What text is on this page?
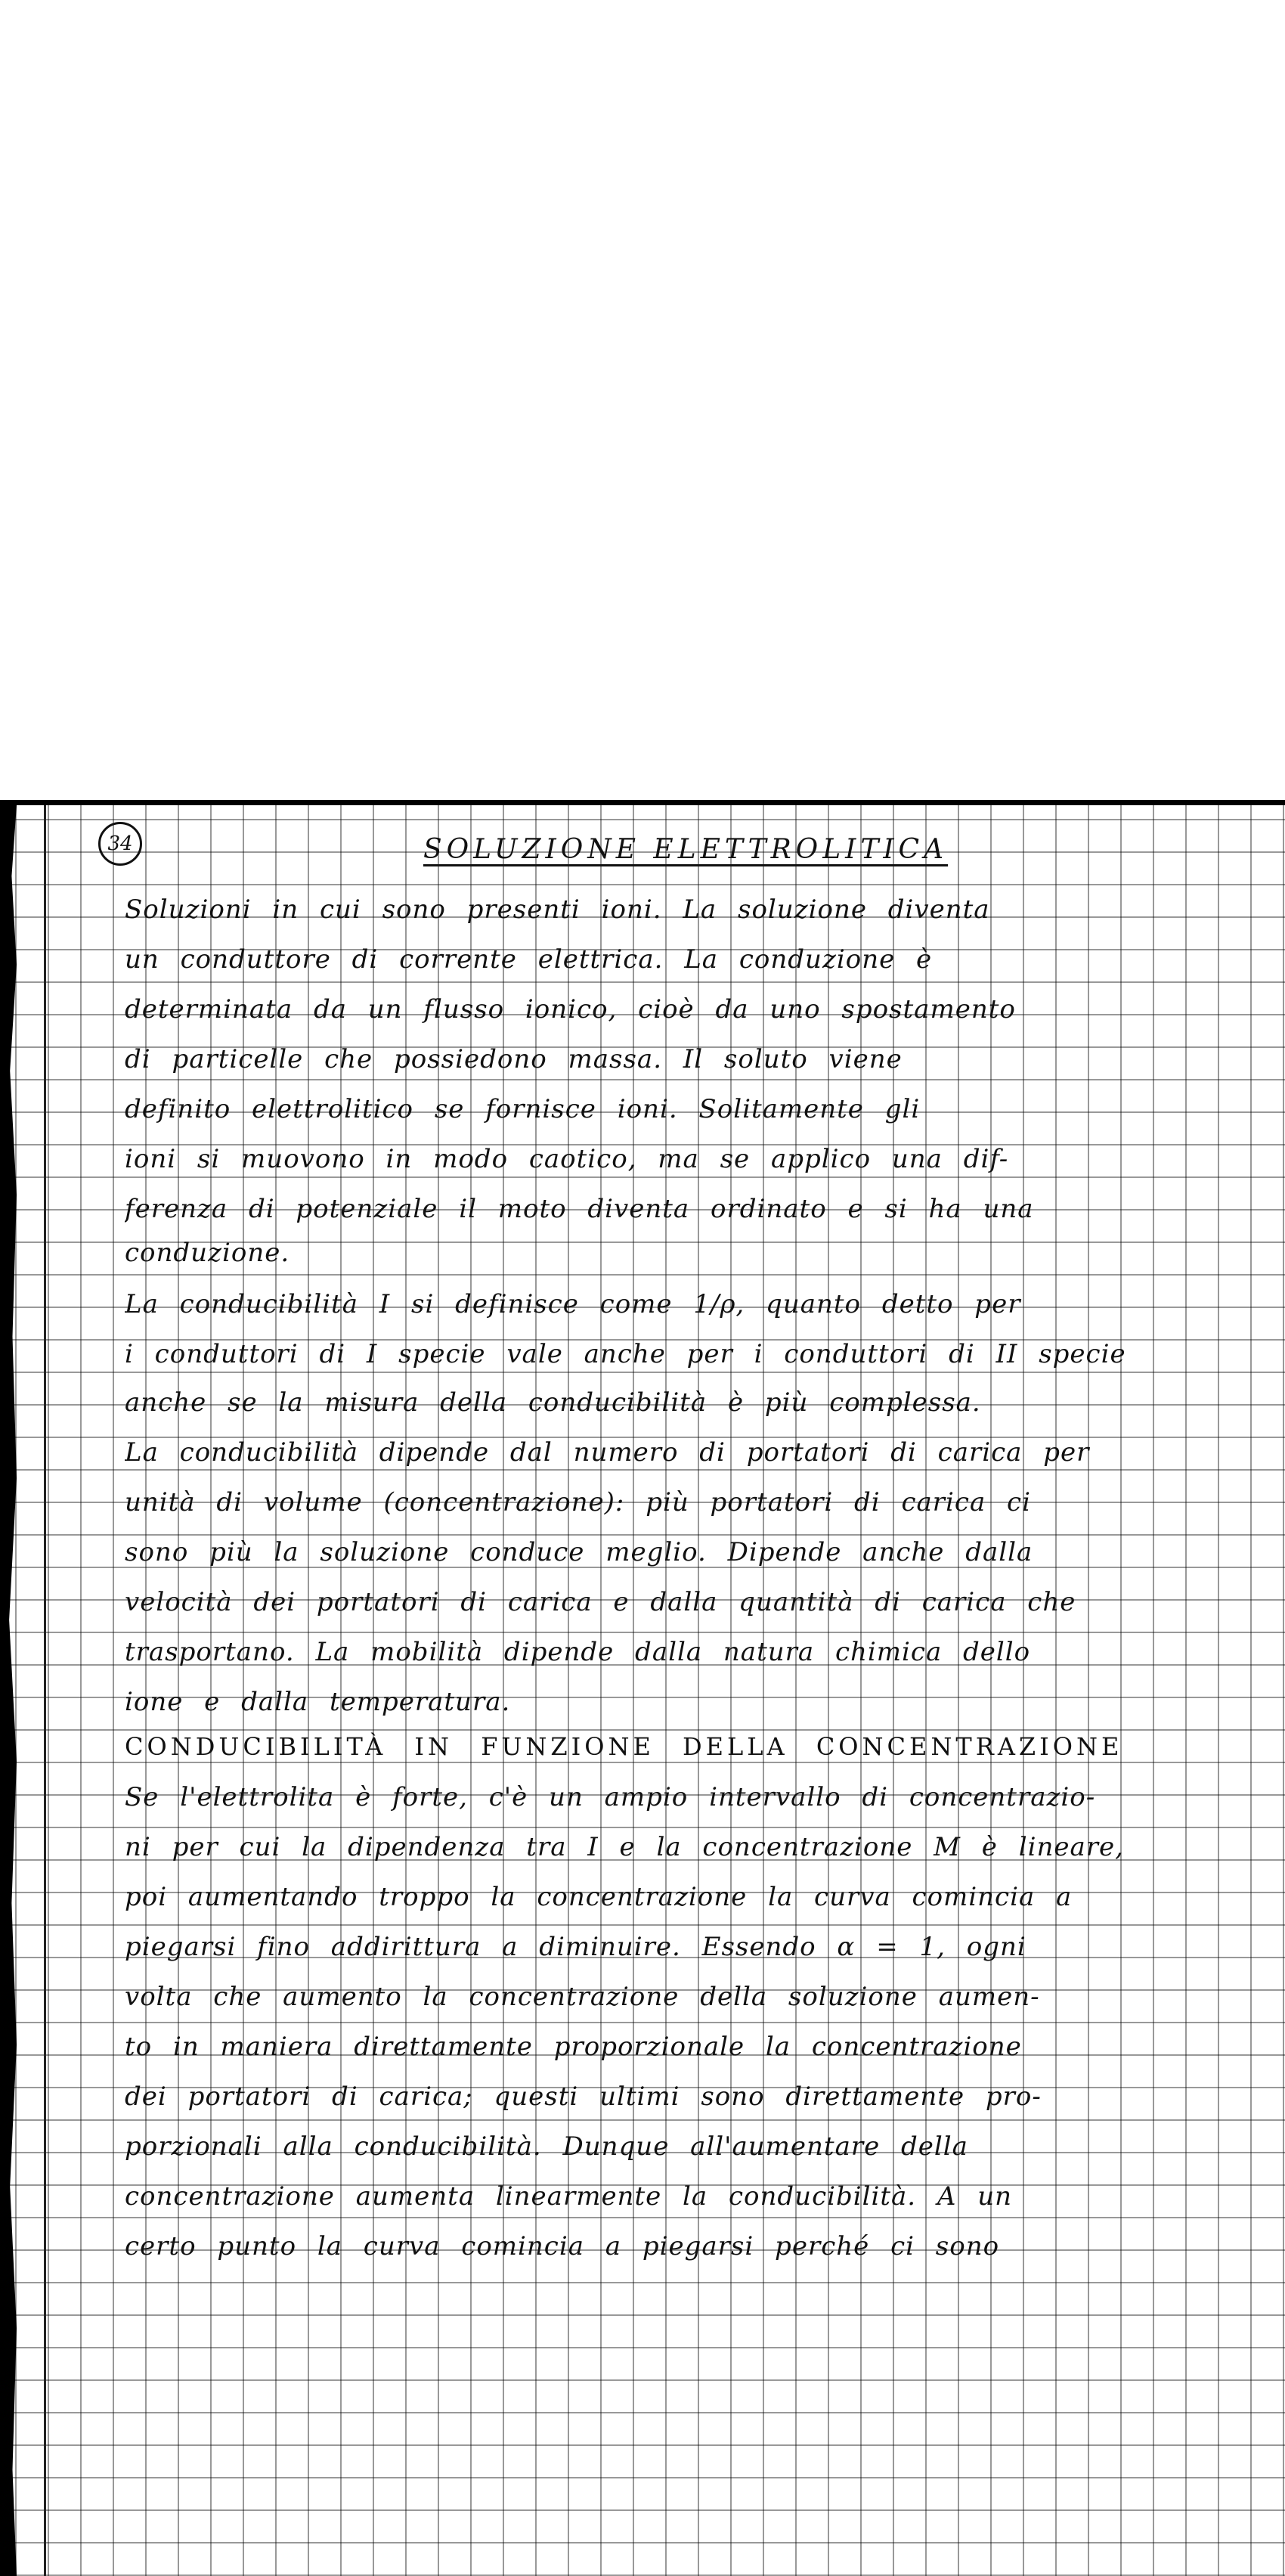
34	SOLUZIONE ELETTROLITICA
Soluzioni in cui sono presenti ioni. La soluzione diventa
un conduttore di corrente elettrica. La conduzione è
determinata da un flusso ionico, cioè da uno spostamento
di particelle che possiedono massa. Il soluto viene
definito elettrolitico se fornisce ioni. Solitamente gli
ioni si muovono in modo caotico, ma se applico una dif-
ferenza di potenziale il moto diventa ordinato e si ha una
conduzione.
La conducibilità I si definisce come 1/ρ, quanto detto per
i conduttori di I specie vale anche per i conduttori di II specie
anche se la misura della conducibilità è più complessa.
La conducibilità dipende dal numero di portatori di carica per
unità di volume (concentrazione): più portatori di carica ci
sono più la soluzione conduce meglio. Dipende anche dalla
velocità dei portatori di carica e dalla quantità di carica che
trasportano. La mobilità dipende dalla natura chimica dello
ione e dalla temperatura.
CONDUCIBILITÀ IN FUNZIONE DELLA CONCENTRAZIONE
Se l'elettrolita è forte, c'è un ampio intervallo di concentrazio-
ni per cui la dipendenza tra I e la concentrazione M è lineare,
poi aumentando troppo la concentrazione la curva comincia a
piegarsi fino addirittura a diminuire. Essendo α = 1, ogni
volta che aumento la concentrazione della soluzione aumen-
to in maniera direttamente proporzionale la concentrazione
dei portatori di carica; questi ultimi sono direttamente pro-
porzionali alla conducibilità. Dunque all'aumentare della
concentrazione aumenta linearmente la conducibilità. A un
certo punto la curva comincia a piegarsi perché ci sono
